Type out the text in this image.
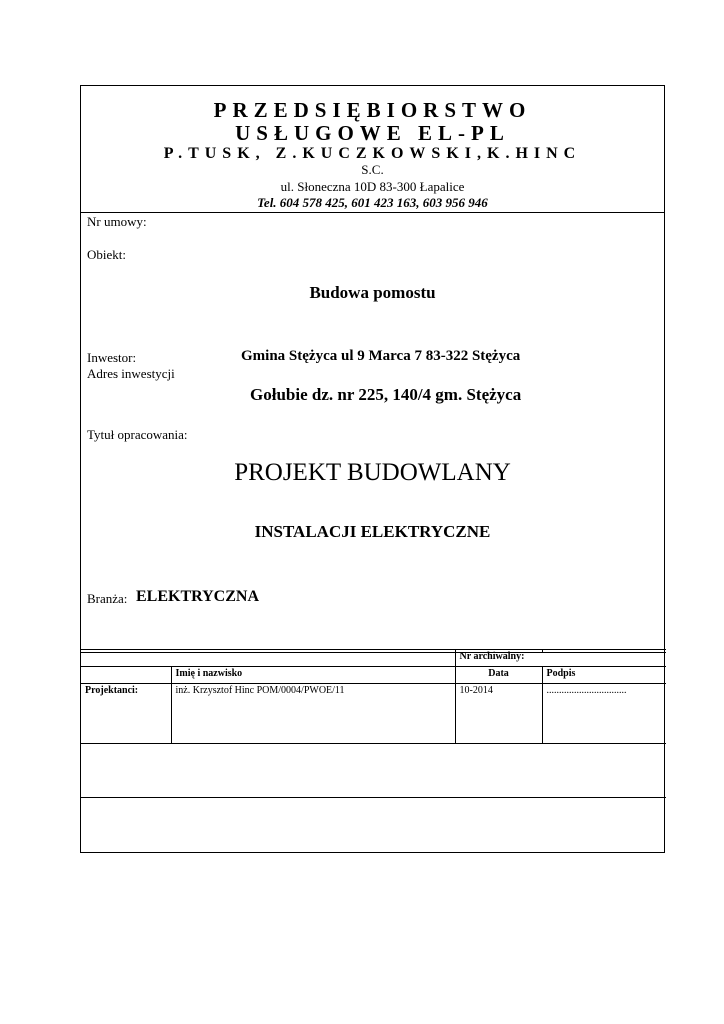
PRZEDSIĘBIORSTWO
USŁUGOWE EL-PL
P.TUSK, Z.KUCZKOWSKI,K.HINC
S.C.
ul. Słoneczna 10D 83-300 Łapalice
Tel. 604 578 425, 601 423 163, 603 956 946
Nr umowy:
Obiekt:
Budowa pomostu
Inwestor:	Gmina Stężyca ul 9 Marca 7 83-322 Stężyca
Adres inwestycji
Gołubie dz. nr 225, 140/4 gm. Stężyca
Tytuł opracowania:
PROJEKT BUDOWLANY
INSTALACJI ELEKTRYCZNE
Branża: ELEKTRYCZNA

		Nr archiwalny:	
	Imię i nazwisko	Data	Podpis
Projektanci:	inż. Krzysztof Hinc POM/0004/PWOE/11	10-2014	................................
